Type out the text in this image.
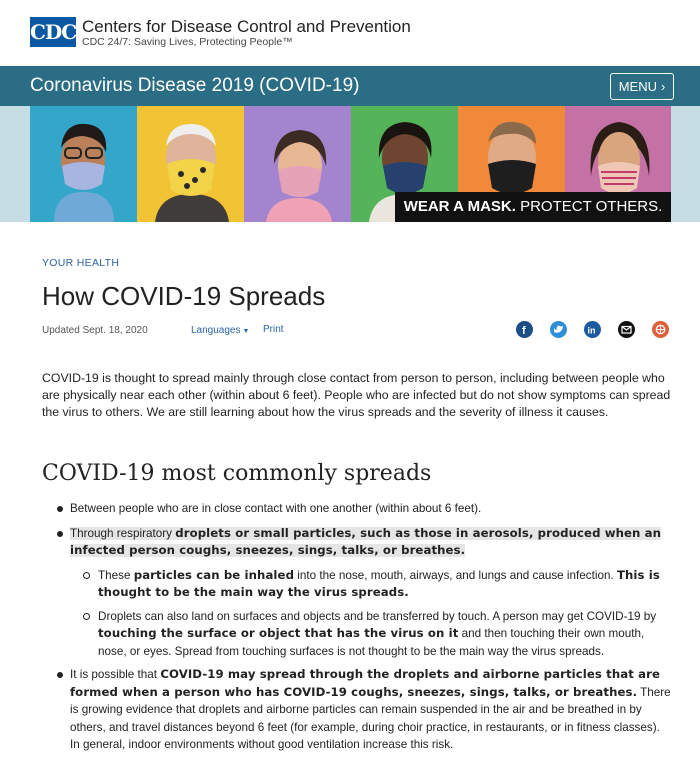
CDC Centers for Disease Control and Prevention
CDC 24/7: Saving Lives, Protecting People™
Coronavirus Disease 2019 (COVID-19)	MENU ›
WEAR A MASK. PROTECT OTHERS.
YOUR HEALTH
How COVID-19 Spreads
Updated Sept. 18, 2020	Languages ▼ Print	f	in

COVID-19 is thought to spread mainly through close contact from person to person, including between people who are physically near each other (within about 6 feet). People who are infected but do not show symptoms can spread the virus to others. We are still learning about how the virus spreads and the severity of illness it causes.

COVID-19 most commonly spreads
Between people who are in close contact with one another (within about 6 feet).
Through respiratory droplets or small particles, such as those in aerosols, produced when an infected person coughs, sneezes, sings, talks, or breathes.
These particles can be inhaled into the nose, mouth, airways, and lungs and cause infection. This is thought to be the main way the virus spreads.
Droplets can also land on surfaces and objects and be transferred by touch. A person may get COVID-19 by touching the surface or object that has the virus on it and then touching their own mouth, nose, or eyes. Spread from touching surfaces is not thought to be the main way the virus spreads.
It is possible that COVID-19 may spread through the droplets and airborne particles that are formed when a person who has COVID-19 coughs, sneezes, sings, talks, or breathes. There is growing evidence that droplets and airborne particles can remain suspended in the air and be breathed in by others, and travel distances beyond 6 feet (for example, during choir practice, in restaurants, or in fitness classes). In general, indoor environments without good ventilation increase this risk.
